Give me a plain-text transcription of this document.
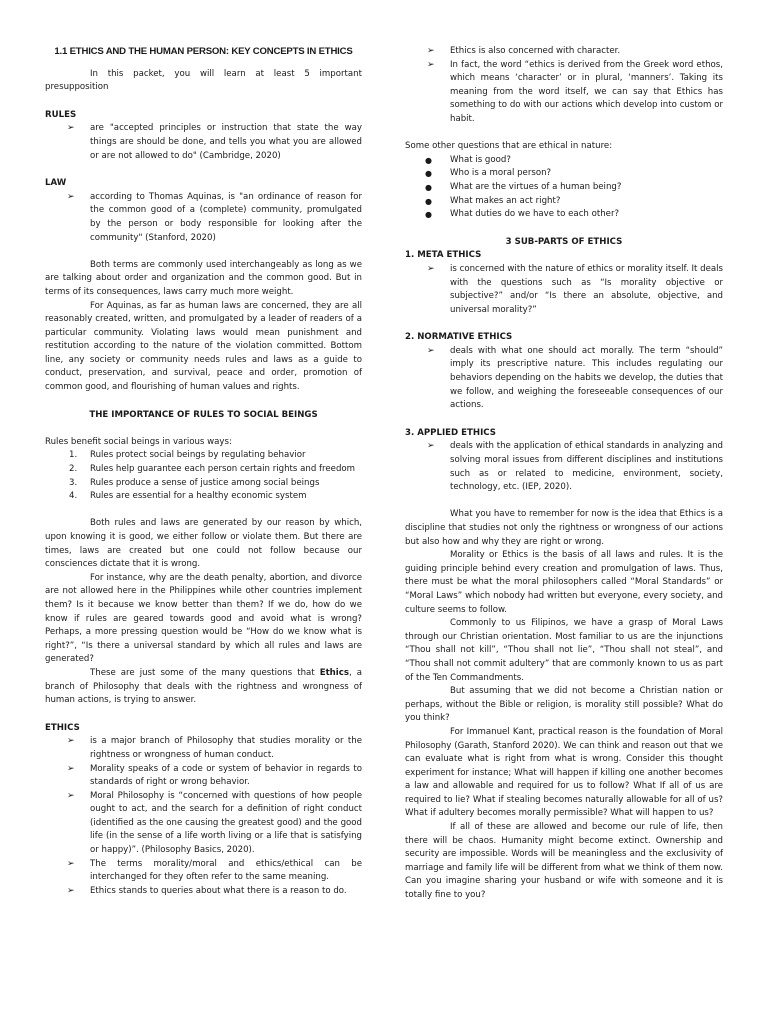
1.1 ETHICS AND THE HUMAN PERSON: KEY CONCEPTS IN ETHICS

In this packet, you will learn at least 5 important presupposition

RULES
➢ are "accepted principles or instruction that state the way things are should be done, and tells you what you are allowed or are not allowed to do" (Cambridge, 2020)
LAW
➢ according to Thomas Aquinas, is "an ordinance of reason for the common good of a (complete) community, promulgated by the person or body responsible for looking after the community" (Stanford, 2020)

Both terms are commonly used interchangeably as long as we are talking about order and organization and the common good. But in terms of its consequences, laws carry much more weight.

For Aquinas, as far as human laws are concerned, they are all reasonably created, written, and promulgated by a leader of readers of a particular community. Violating laws would mean punishment and restitution according to the nature of the violation committed. Bottom line, any society or community needs rules and laws as a guide to conduct, preservation, and survival, peace and order, promotion of common good, and flourishing of human values and rights.

THE IMPORTANCE OF RULES TO SOCIAL BEINGS

Rules benefit social beings in various ways:

1. Rules protect social beings by regulating behavior
2. Rules help guarantee each person certain rights and freedom
3. Rules produce a sense of justice among social beings
4. Rules are essential for a healthy economic system

Both rules and laws are generated by our reason by which, upon knowing it is good, we either follow or violate them. But there are times, laws are created but one could not follow because our consciences dictate that it is wrong.

For instance, why are the death penalty, abortion, and divorce are not allowed here in the Philippines while other countries implement them? Is it because we know better than them? If we do, how do we know if rules are geared towards good and avoid what is wrong? Perhaps, a more pressing question would be “How do we know what is right?”, “Is there a universal standard by which all rules and laws are generated?

These are just some of the many questions that Ethics, a branch of Philosophy that deals with the rightness and wrongness of human actions, is trying to answer.

ETHICS
➢ is a major branch of Philosophy that studies morality or the rightness or wrongness of human conduct.
➢ Morality speaks of a code or system of behavior in regards to standards of right or wrong behavior.
➢ Moral Philosophy is “concerned with questions of how people ought to act, and the search for a definition of right conduct (identified as the one causing the greatest good) and the good life (in the sense of a life worth living or a life that is satisfying or happy)”. (Philosophy Basics, 2020).
➢ The terms morality/moral and ethics/ethical can be interchanged for they often refer to the same meaning.
➢ Ethics stands to queries about what there is a reason to do.
➢ Ethics is also concerned with character.
➢ In fact, the word “ethics is derived from the Greek word ethos, which means ‘character’ or in plural, ‘manners’. Taking its meaning from the word itself, we can say that Ethics has something to do with our actions which develop into custom or habit.

Some other questions that are ethical in nature:

● What is good?
● Who is a moral person?
● What are the virtues of a human being?
● What makes an act right?
● What duties do we have to each other?
3 SUB-PARTS OF ETHICS
1. META ETHICS
➢ is concerned with the nature of ethics or morality itself. It deals with the questions such as “Is morality objective or subjective?” and/or “Is there an absolute, objective, and universal morality?”
2. NORMATIVE ETHICS
➢ deals with what one should act morally. The term “should” imply its prescriptive nature. This includes regulating our behaviors depending on the habits we develop, the duties that we follow, and weighing the foreseeable consequences of our actions.
3. APPLIED ETHICS
➢ deals with the application of ethical standards in analyzing and solving moral issues from different disciplines and institutions such as or related to medicine, environment, society, technology, etc. (IEP, 2020).

What you have to remember for now is the idea that Ethics is a discipline that studies not only the rightness or wrongness of our actions but also how and why they are right or wrong.

Morality or Ethics is the basis of all laws and rules. It is the guiding principle behind every creation and promulgation of laws. Thus, there must be what the moral philosophers called “Moral Standards” or “Moral Laws” which nobody had written but everyone, every society, and culture seems to follow.

Commonly to us Filipinos, we have a grasp of Moral Laws through our Christian orientation. Most familiar to us are the injunctions “Thou shall not kill”, “Thou shall not lie”, “Thou shall not steal”, and “Thou shall not commit adultery” that are commonly known to us as part of the Ten Commandments.

But assuming that we did not become a Christian nation or perhaps, without the Bible or religion, is morality still possible? What do you think?

For Immanuel Kant, practical reason is the foundation of Moral Philosophy (Garath, Stanford 2020). We can think and reason out that we can evaluate what is right from what is wrong. Consider this thought experiment for instance; What will happen if killing one another becomes a law and allowable and required for us to follow? What If all of us are required to lie? What if stealing becomes naturally allowable for all of us? What if adultery becomes morally permissible? What will happen to us?

If all of these are allowed and become our rule of life, then there will be chaos. Humanity might become extinct. Ownership and security are impossible. Words will be meaningless and the exclusivity of marriage and family life will be different from what we think of them now. Can you imagine sharing your husband or wife with someone and it is totally fine to you?
